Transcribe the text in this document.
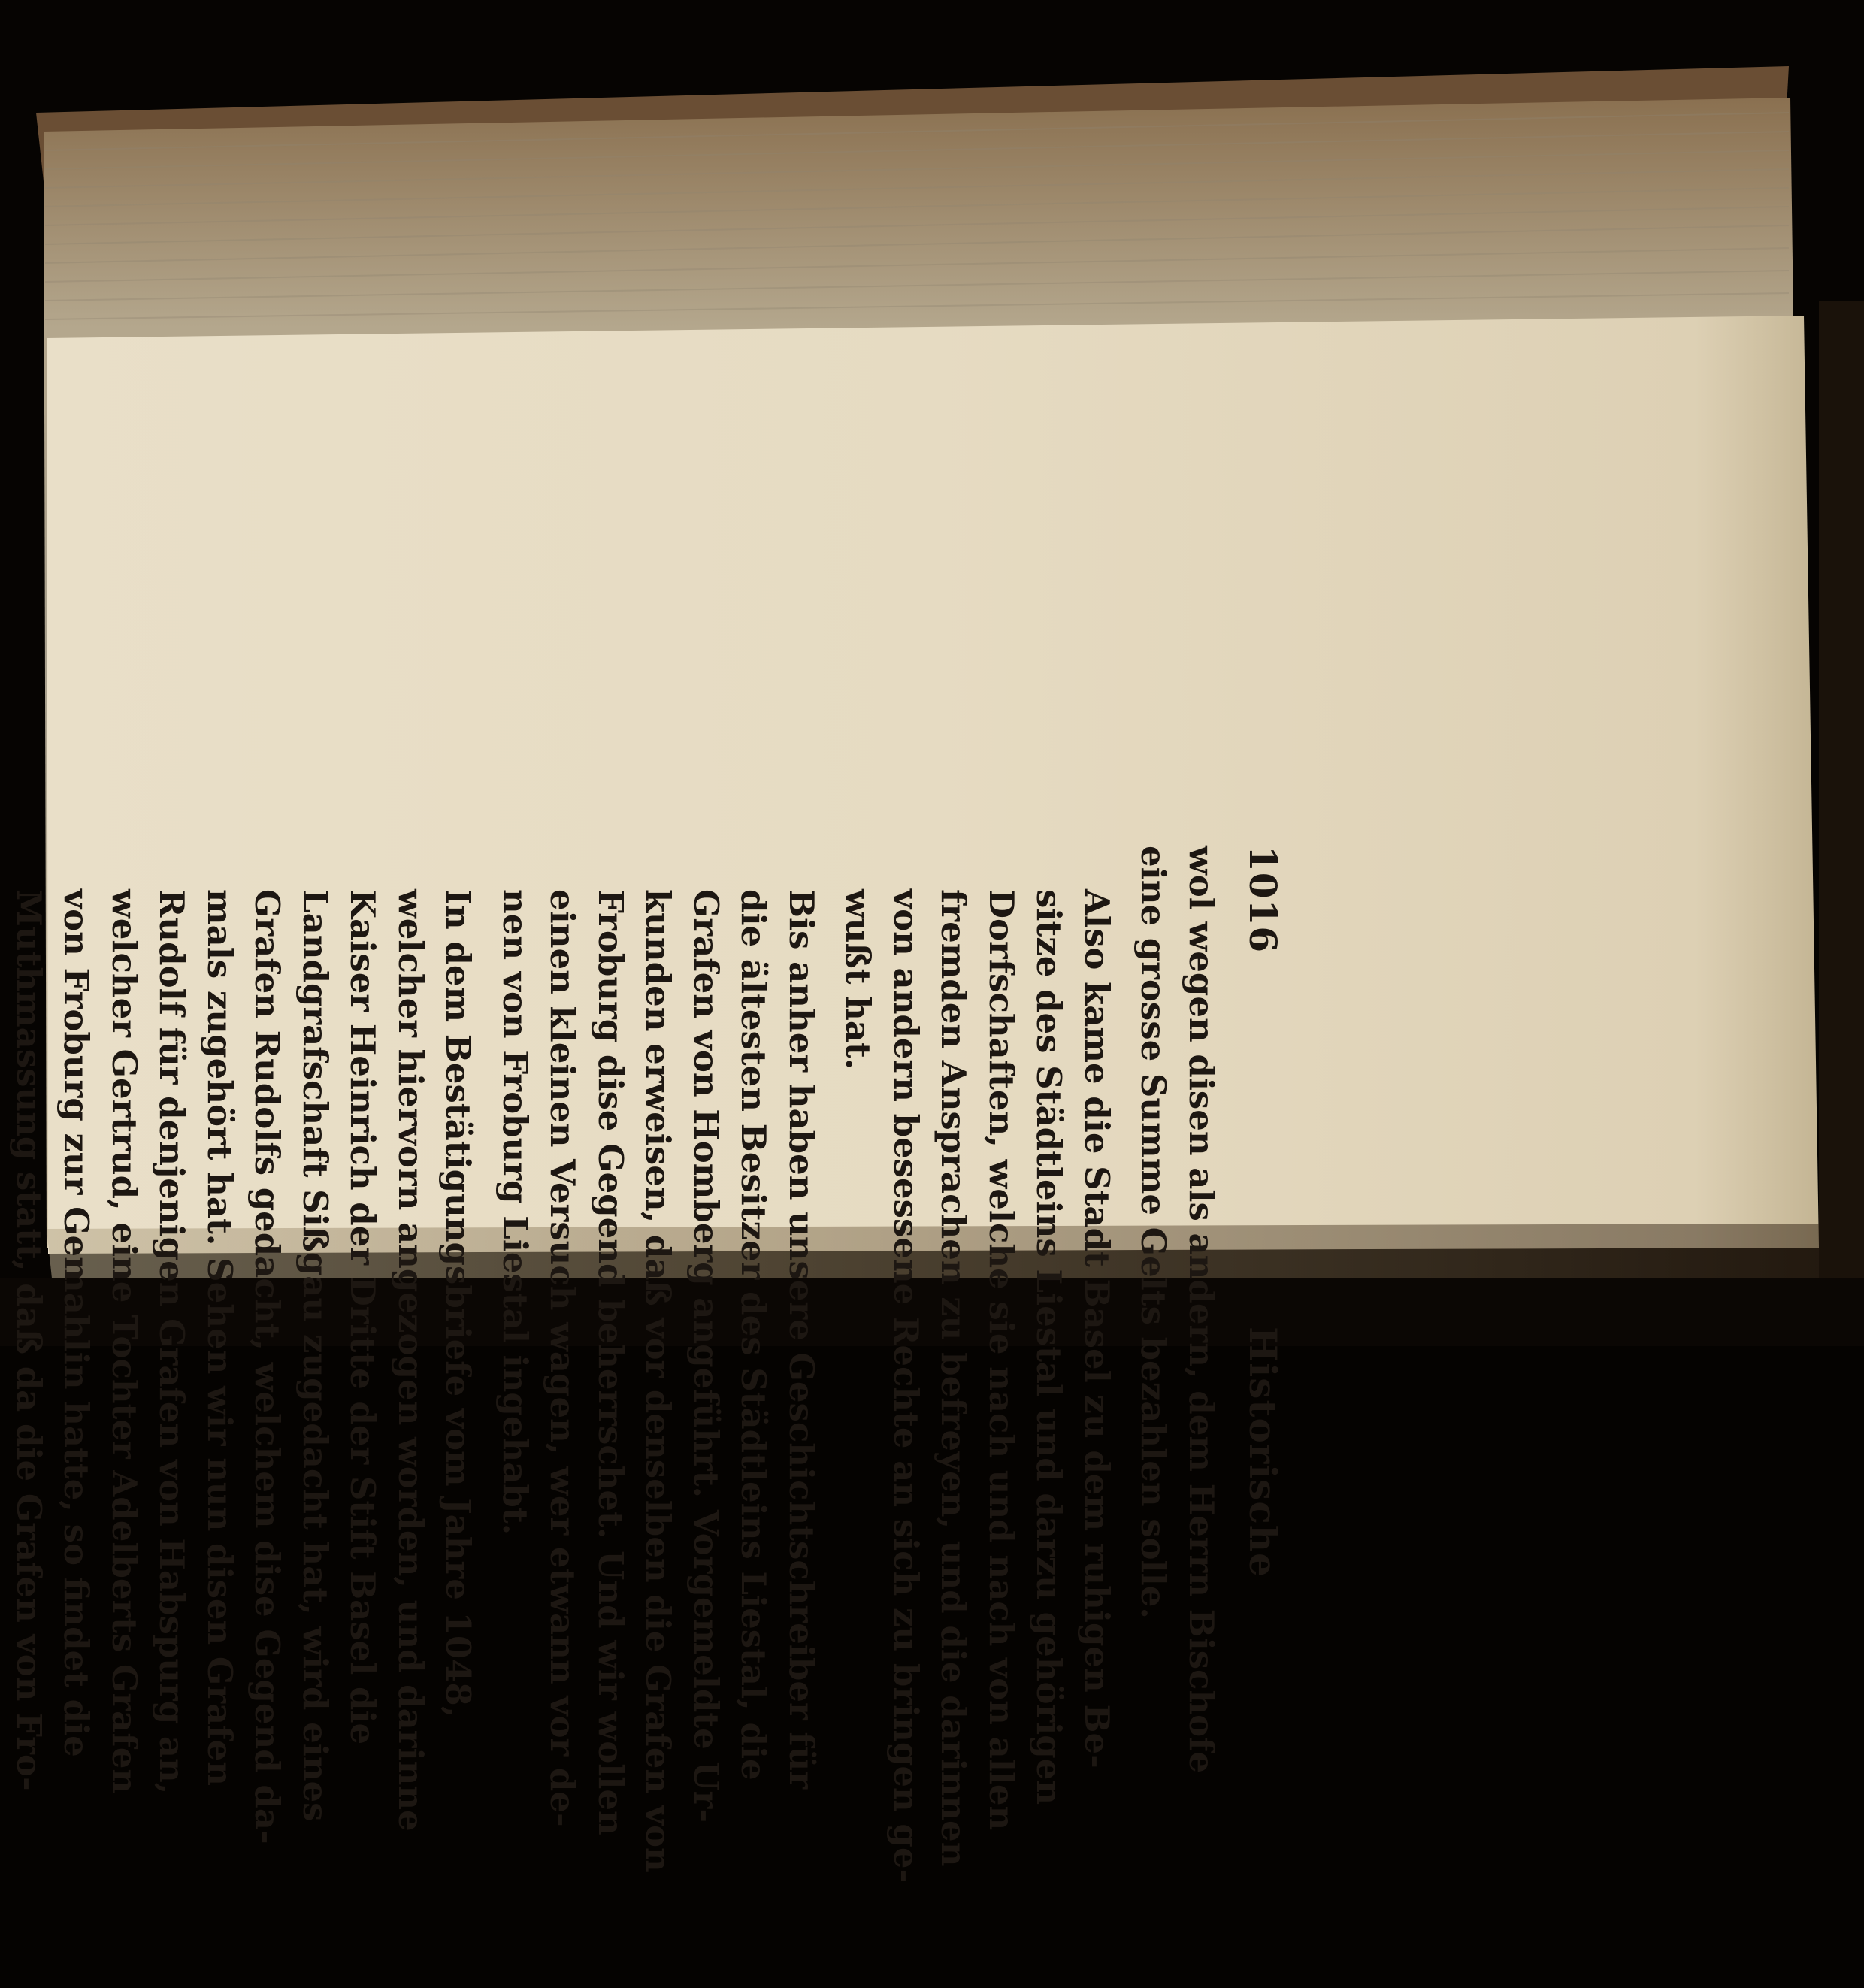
1016
Historische

wol wegen disen als andern, dem Herrn Bischofe
eine grosse Summe Gelts bezahlen solle.

Also kame die Stadt Basel zu dem ruhigen Be-
sitze des Städtleins Liestal und darzu gehörigen
Dorfschaften, welche sie nach und nach von allen
fremden Ansprachen zu befreyen, und die darinnen
von andern besessene Rechte an sich zu bringen ge-
wußt hat.

Bis anher haben unsere Geschichtschreiber für
die ältesten Besitzer des Städtleins Liestal, die
Grafen von Homberg angeführt. Vorgemeldte Ur-
kunden erweisen, daß vor denselben die Grafen von
Froburg dise Gegend beherrschet. Und wir wollen
einen kleinen Versuch wagen, wer etwann vor de-
nen von Froburg Liestal ingehabt.

In dem Bestätigungsbriefe vom Jahre 1048,
welcher hiervorn angezogen worden, und darinne
Kaiser Heinrich der Dritte der Stift Basel die
Landgrafschaft Sißgau zugedacht hat, wird eines
Grafen Rudolfs gedacht, welchem dise Gegend da-
mals zugehört hat. Sehen wir nun disen Grafen
Rudolf für denjenigen Grafen von Habspurg an,
welcher Gertrud, eine Tochter Adelberts Grafen
von Froburg zur Gemahlin hatte, so findet die
Muthmassung statt, daß da die Grafen von Fro-
